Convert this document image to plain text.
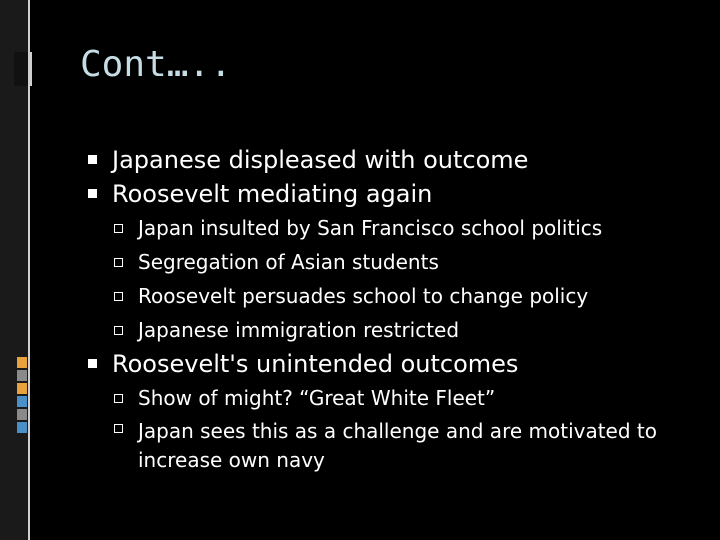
Cont…..
Japanese displeased with outcome
Roosevelt mediating again
Japan insulted by San Francisco school politics
Segregation of Asian students
Roosevelt persuades school to change policy
Japanese immigration restricted
Roosevelt's unintended outcomes
Show of might? “Great White Fleet”
Japan sees this as a challenge and are motivated to increase own navy
